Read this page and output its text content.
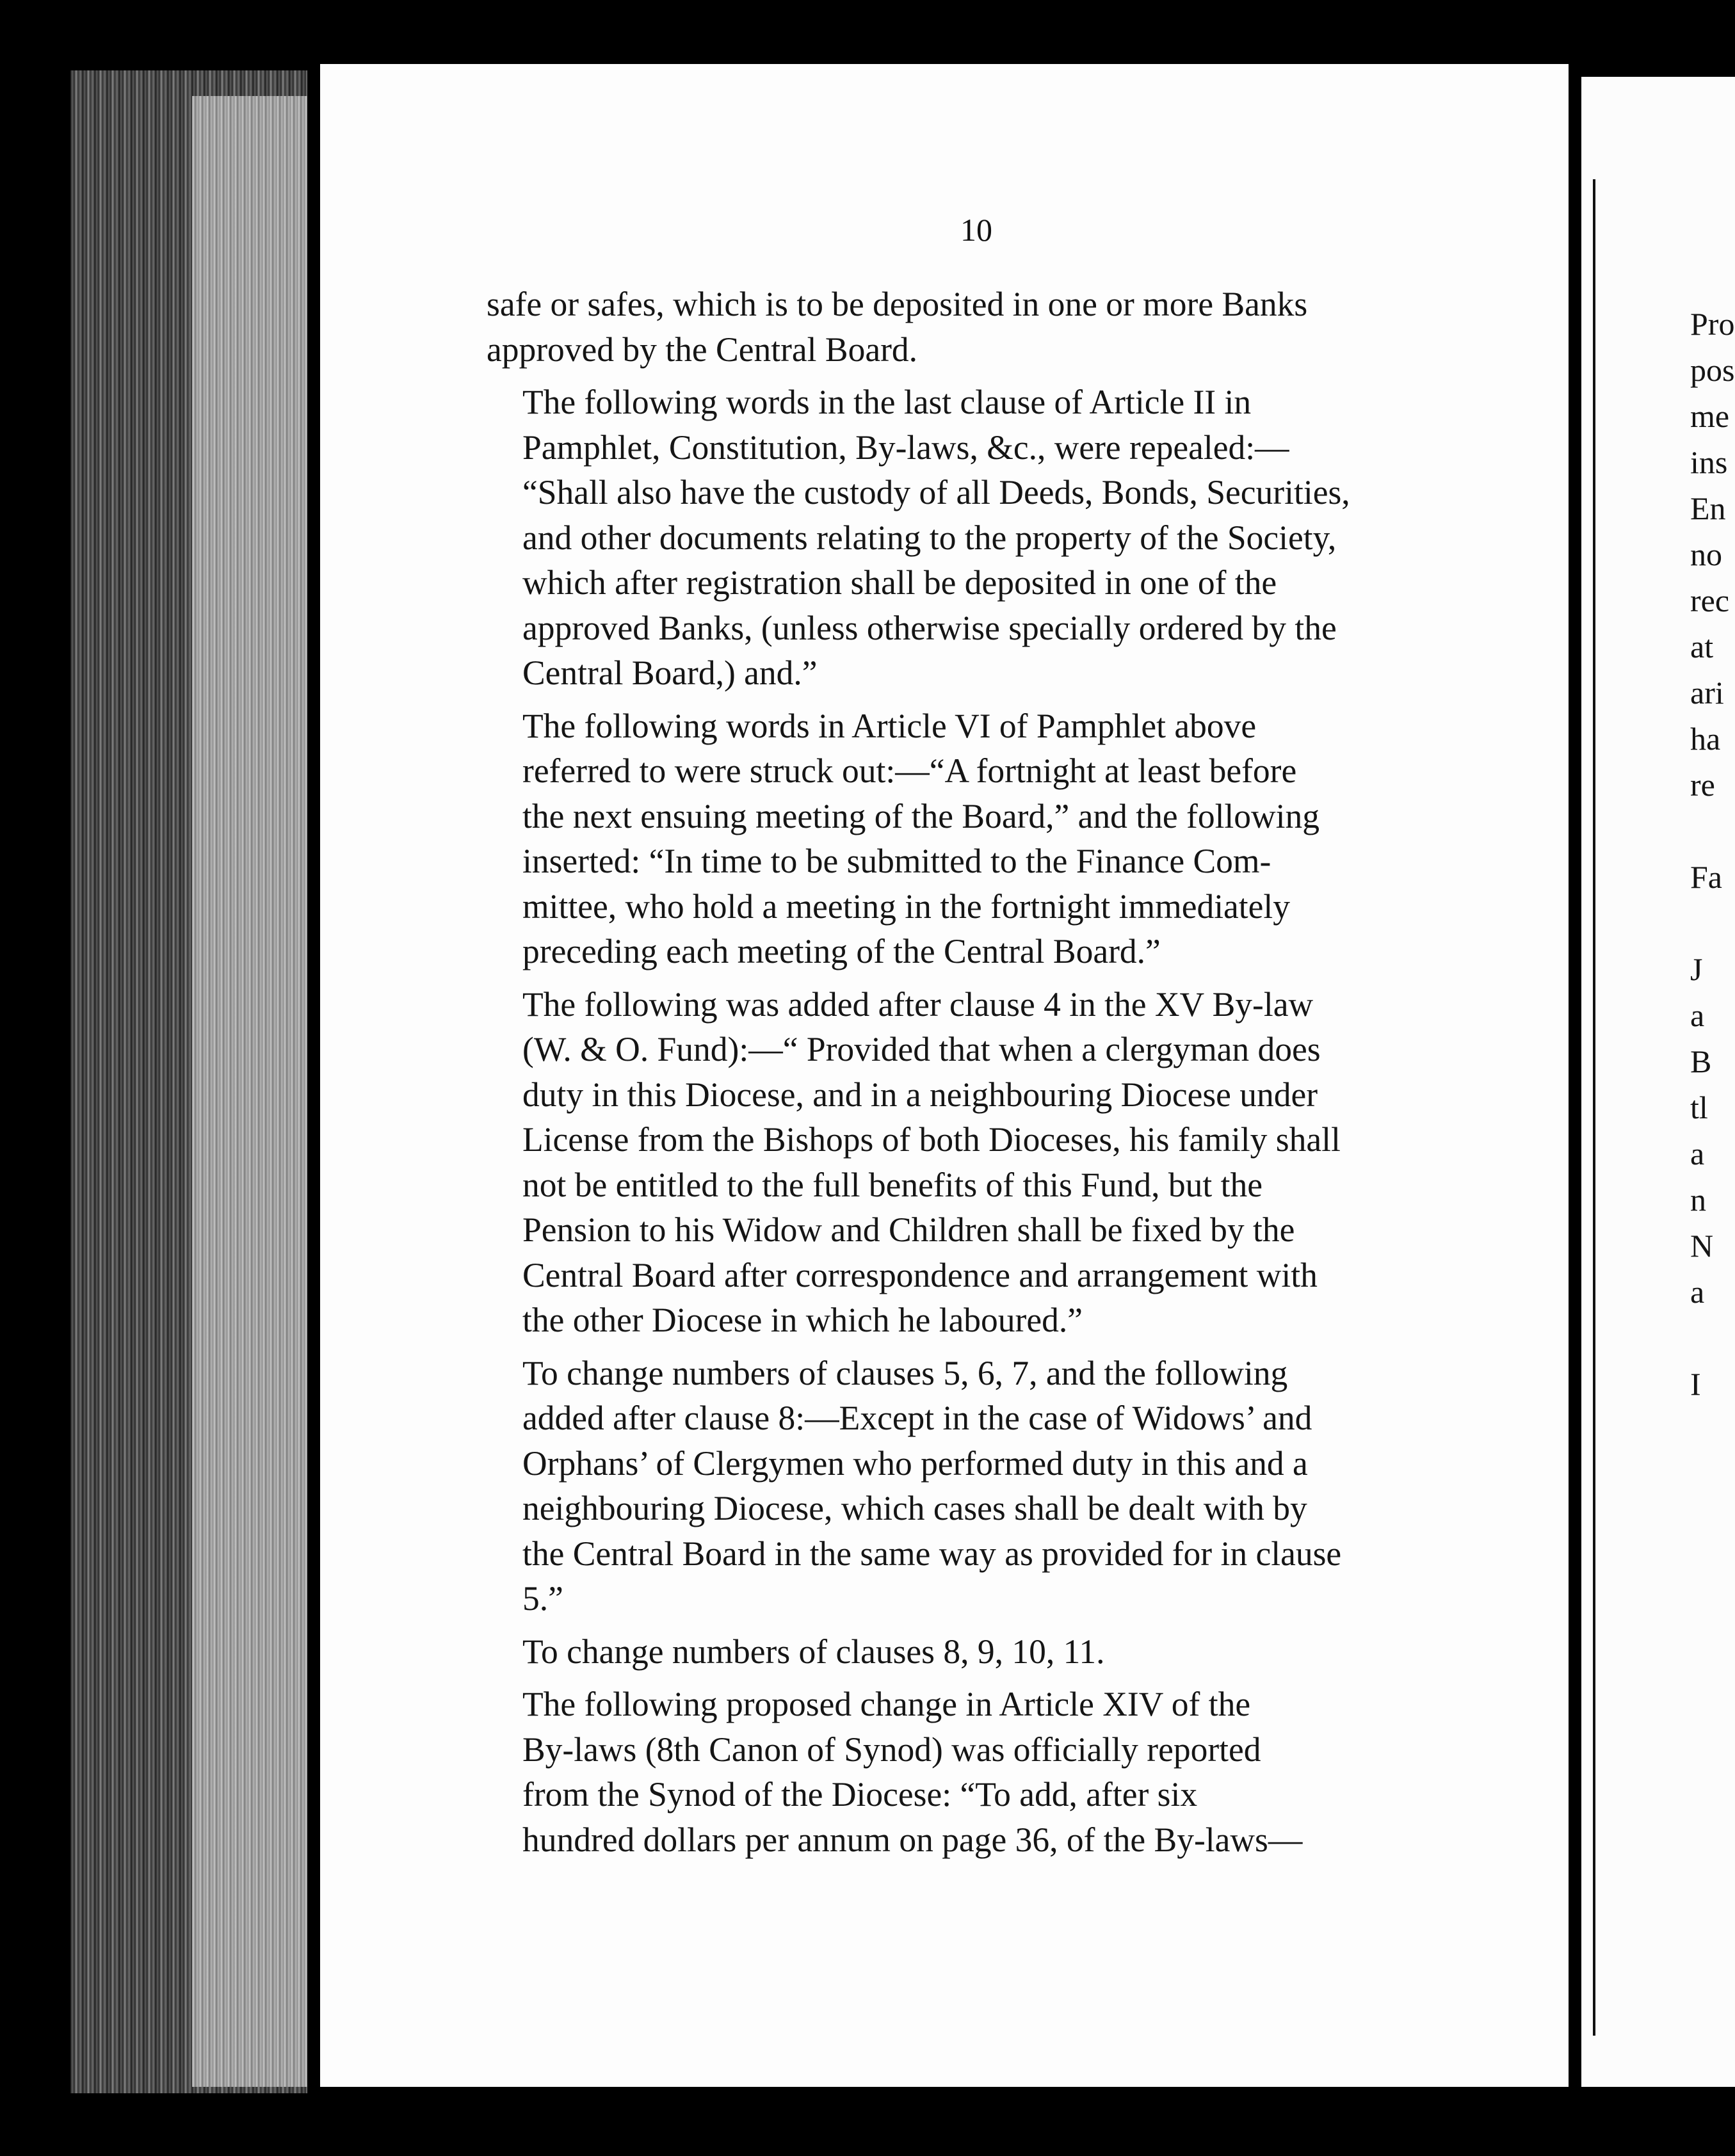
10

safe or safes, which is to be deposited in one or more Banks
approved by the Central Board.

The following words in the last clause of Article II in
Pamphlet, Constitution, By-laws, &c., were repealed:—
“Shall also have the custody of all Deeds, Bonds, Securities,
and other documents relating to the property of the Society,
which after registration shall be deposited in one of the
approved Banks, (unless otherwise specially ordered by the
Central Board,) and.”

The following words in Article VI of Pamphlet above
referred to were struck out:—“A fortnight at least before
the next ensuing meeting of the Board,” and the following
inserted: “In time to be submitted to the Finance Com-
mittee, who hold a meeting in the fortnight immediately
preceding each meeting of the Central Board.”

The following was added after clause 4 in the XV By-law
(W. & O. Fund):—“ Provided that when a clergyman does
duty in this Diocese, and in a neighbouring Diocese under
License from the Bishops of both Dioceses, his family shall
not be entitled to the full benefits of this Fund, but the
Pension to his Widow and Children shall be fixed by the
Central Board after correspondence and arrangement with
the other Diocese in which he laboured.”

To change numbers of clauses 5, 6, 7, and the following
added after clause 8:—Except in the case of Widows’ and
Orphans’ of Clergymen who performed duty in this and a
neighbouring Diocese, which cases shall be dealt with by
the Central Board in the same way as provided for in clause
5.”

To change numbers of clauses 8, 9, 10, 11.

The following proposed change in Article XIV of the
By-laws (8th Canon of Synod) was officially reported
from the Synod of the Diocese: “To add, after six
hundred dollars per annum on page 36, of the By-laws—

Pro
pos
me
ins
En
no
rec
at
ari
ha
re

Fa

J
a
B
tl
a
n
N
a

I
